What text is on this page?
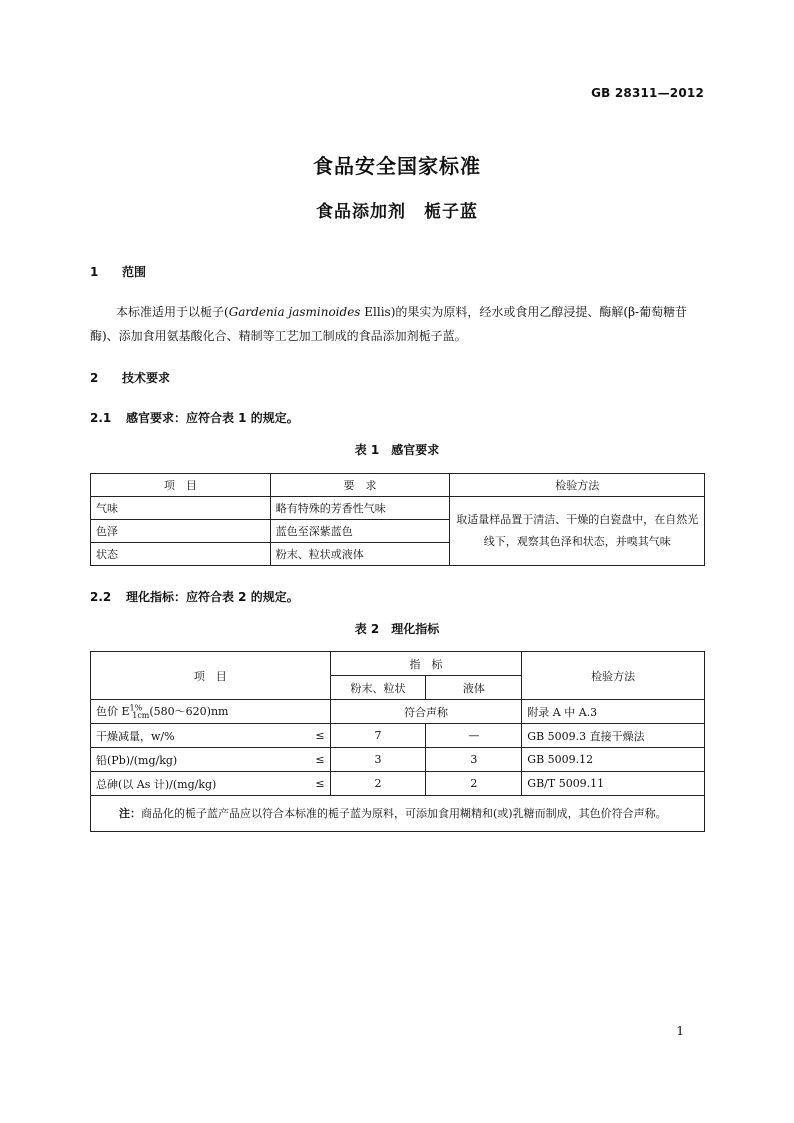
GB 28311—2012
食品安全国家标准
食品添加剂　栀子蓝
1 范围
本标准适用于以栀子(Gardenia jasminoides Ellis)的果实为原料，经水或食用乙醇浸提、酶解(β-葡萄糖苷酶)、添加食用氨基酸化合、精制等工艺加工制成的食品添加剂栀子蓝。
2 技术要求
2.1 感官要求：应符合表 1 的规定。
表 1　感官要求
项　目	要　求	检验方法
气味	略有特殊的芳香性气味	取适量样品置于清洁、干燥的白瓷盘中，在自然光线下，观察其色泽和状态，并嗅其气味
色泽	蓝色至深紫蓝色	
状态	粉末、粒状或液体	
2.2 理化指标：应符合表 2 的规定。
表 2　理化指标
项　目	指　标		检验方法
	粉末、粒状	液体	
色价 $E^{1\%}_{1cm}(580\sim 620)nm$	符合声称		附录 A 中 A.3

干燥减量，w/% ≤	7	—	GB 5009.3 直接干燥法

铅(Pb)/(mg/kg) ≤	3	3	GB 5009.12

总砷(以 As 计)/(mg/kg) ≤	2	2	GB/T 5009.11
注：商品化的栀子蓝产品应以符合本标准的栀子蓝为原料，可添加食用糊精和(或)乳糖而制成，其色价符合声称。			
1
